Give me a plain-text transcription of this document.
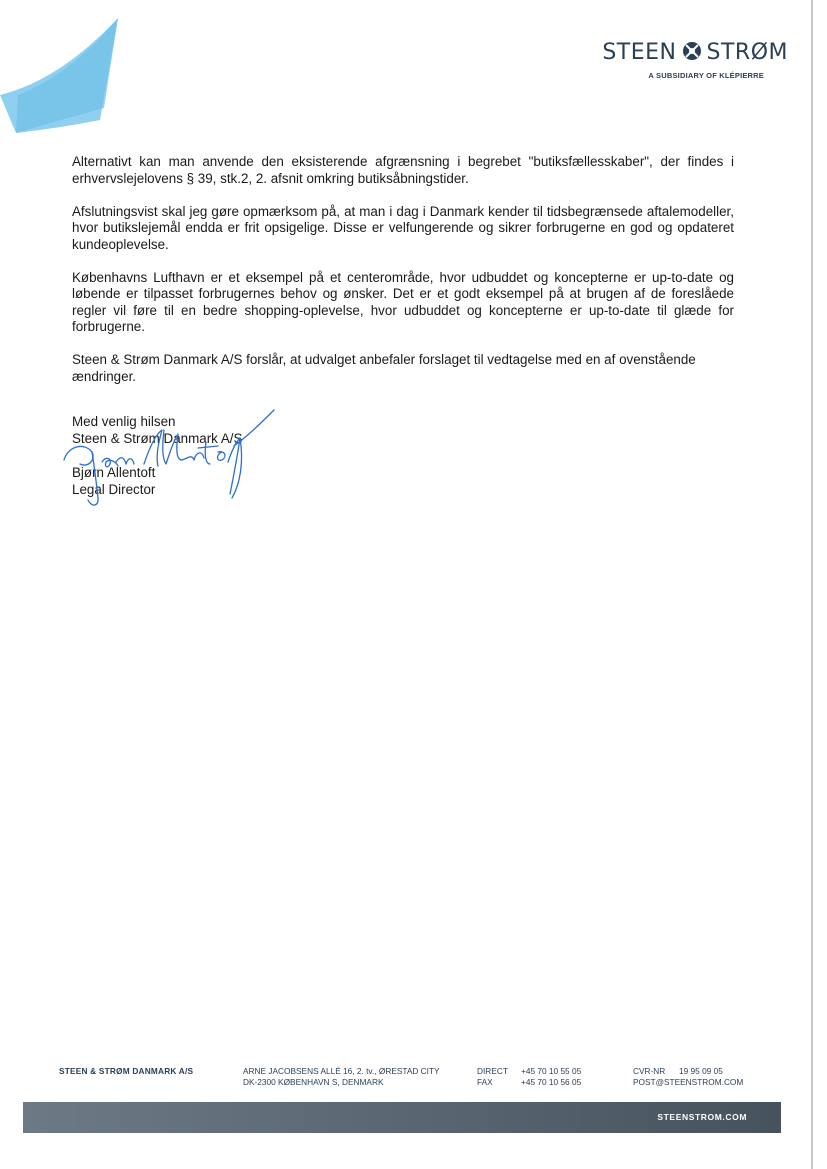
STEEN STRØM
A SUBSIDIARY OF KLÉPIERRE

Alternativt kan man anvende den eksisterende afgrænsning i begrebet "butiksfællesskaber", der findes i erhvervslejelovens § 39, stk.2, 2. afsnit omkring butiksåbningstider.

Afslutningsvist skal jeg gøre opmærksom på, at man i dag i Danmark kender til tidsbegrænsede aftalemodeller, hvor butikslejemål endda er frit opsigelige. Disse er velfungerende og sikrer forbrugerne en god og opdateret kundeoplevelse.

Københavns Lufthavn er et eksempel på et centerområde, hvor udbuddet og koncepterne er up-to-date og løbende er tilpasset forbrugernes behov og ønsker. Det er et godt eksempel på at brugen af de foreslåede regler vil føre til en bedre shopping-oplevelse, hvor udbuddet og koncepterne er up-to-date til glæde for forbrugerne.

Steen & Strøm Danmark A/S forslår, at udvalget anbefaler forslaget til vedtagelse med en af ovenstående ændringer.

Med venlig hilsen
Steen & Strøm Danmark A/S
Bjørn Allentoft
Legal Director
STEEN & STRØM DANMARK A/S	ARNE JACOBSENS ALLÉ 16, 2. tv., ØRESTAD CITY
DK-2300 KØBENHAVN S, DENMARK
DIRECT +45 70 10 55 05
FAX	+45 70 10 56 05
CVR-NR 19 95 09 05
POST@STEENSTROM.COM
STEENSTROM.COM
